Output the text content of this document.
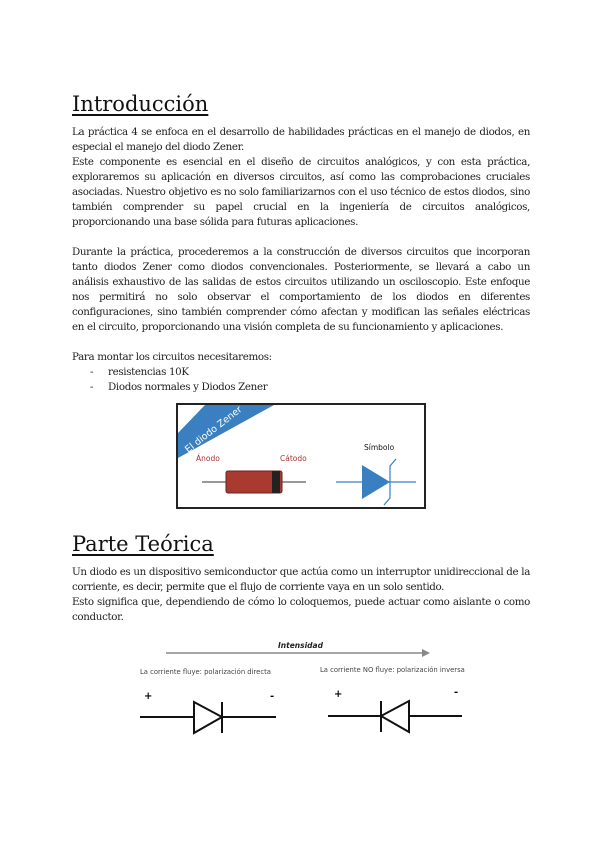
Introducción

La práctica 4 se enfoca en el desarrollo de habilidades prácticas en el manejo de diodos, en especial el manejo del diodo Zener.

Este componente es esencial en el diseño de circuitos analógicos, y con esta práctica, exploraremos su aplicación en diversos circuitos, así como las comprobaciones cruciales asociadas. Nuestro objetivo es no solo familiarizarnos con el uso técnico de estos diodos, sino también comprender su papel crucial en la ingeniería de circuitos analógicos, proporcionando una base sólida para futuras aplicaciones.

Durante la práctica, procederemos a la construcción de diversos circuitos que incorporan tanto diodos Zener como diodos convencionales. Posteriormente, se llevará a cabo un análisis exhaustivo de las salidas de estos circuitos utilizando un osciloscopio. Este enfoque nos permitirá no solo observar el comportamiento de los diodos en diferentes configuraciones, sino también comprender cómo afectan y modifican las señales eléctricas en el circuito, proporcionando una visión completa de su funcionamiento y aplicaciones.

Para montar los circuitos necesitaremos:

- resistencias 10K
- Diodos normales y Diodos Zener
El diodo Zener
Ánodo	Cátodo
Símbolo
Parte Teórica

Un diodo es un dispositivo semiconductor que actúa como un interruptor unidireccional de la corriente, es decir, permite que el flujo de corriente vaya en un solo sentido.

Esto significa que, dependiendo de cómo lo coloquemos, puede actuar como aislante o como conductor.

Intensidad
La corriente fluye: polarización directa	La corriente NO fluye: polarización inversa
+	-	+	-
